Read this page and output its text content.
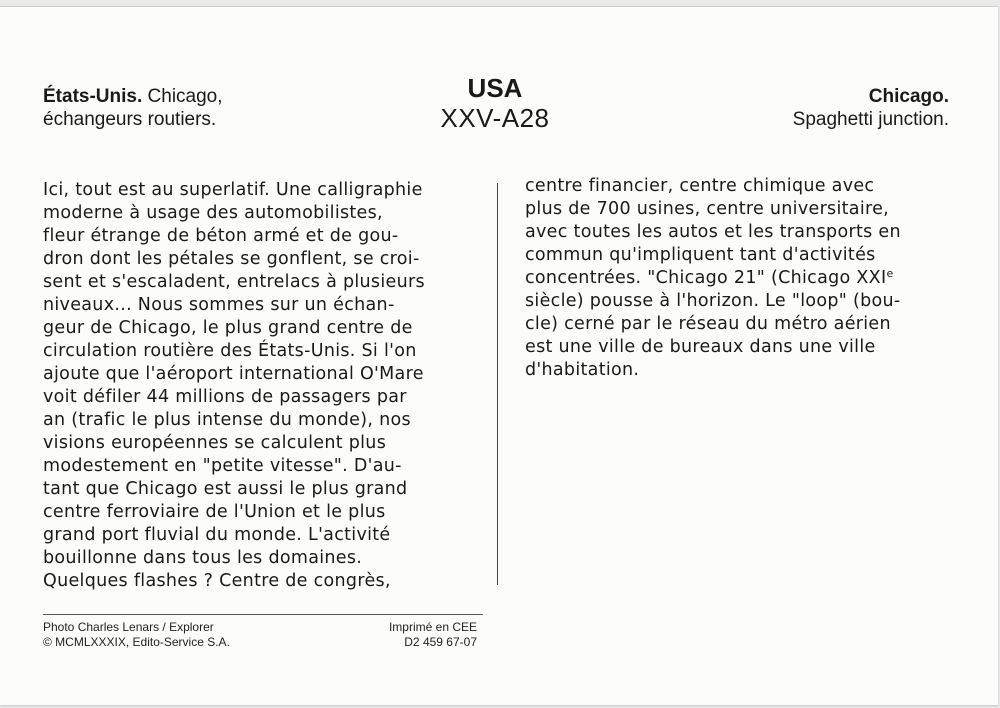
États-Unis. Chicago,
échangeurs routiers.
USA
XXV-A28
Chicago.
Spaghetti junction.
Ici, tout est au superlatif. Une calligraphie
moderne à usage des automobilistes,
fleur étrange de béton armé et de gou-
dron dont les pétales se gonflent, se croi-
sent et s'escaladent, entrelacs à plusieurs
niveaux... Nous sommes sur un échan-
geur de Chicago, le plus grand centre de
circulation routière des États-Unis. Si l'on
ajoute que l'aéroport international O'Mare
voit défiler 44 millions de passagers par
an (trafic le plus intense du monde), nos
visions européennes se calculent plus
modestement en "petite vitesse". D'au-
tant que Chicago est aussi le plus grand
centre ferroviaire de l'Union et le plus
grand port fluvial du monde. L'activité
bouillonne dans tous les domaines.
Quelques flashes ? Centre de congrès,
centre financier, centre chimique avec
plus de 700 usines, centre universitaire,
avec toutes les autos et les transports en
commun qu'impliquent tant d'activités
concentrées. "Chicago 21" (Chicago XXIe
siècle) pousse à l'horizon. Le "loop" (bou-
cle) cerné par le réseau du métro aérien
est une ville de bureaux dans une ville
d'habitation.
Photo Charles Lenars / Explorer
© MCMLXXXIX, Edito-Service S.A.
Imprimé en CEE
D2 459 67-07
